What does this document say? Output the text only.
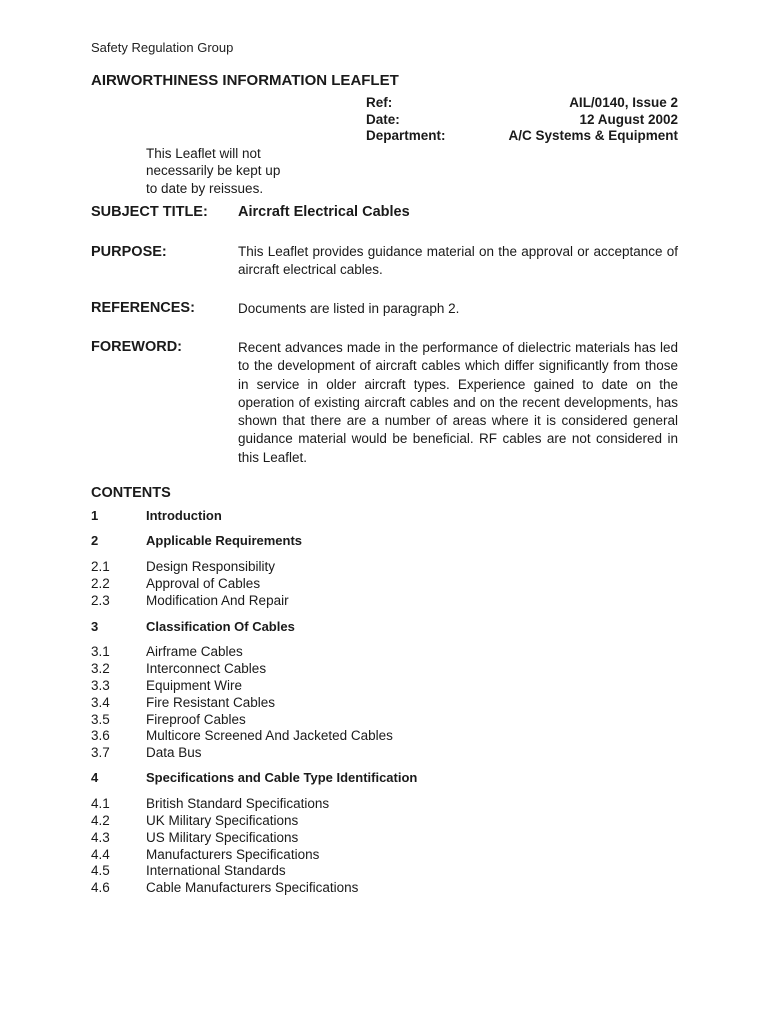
Safety Regulation Group
AIRWORTHINESS INFORMATION LEAFLET
Ref:	AIL/0140, Issue 2
Date:	12 August 2002
Department:	A/C Systems & Equipment
This Leaflet will not
necessarily be kept up
to date by reissues.
SUBJECT TITLE: Aircraft Electrical Cables
PURPOSE:	This Leaflet provides guidance material on the approval or acceptance of aircraft electrical cables.
REFERENCES:	Documents are listed in paragraph 2.
FOREWORD:	Recent advances made in the performance of dielectric materials has led to the development of aircraft cables which differ significantly from those in service in older aircraft types. Experience gained to date on the operation of existing aircraft cables and on the recent developments, has shown that there are a number of areas where it is considered general guidance material would be beneficial. RF cables are not considered in this Leaflet.
CONTENTS
1	Introduction
2	Applicable Requirements
2.1	Design Responsibility
2.2	Approval of Cables
2.3	Modification And Repair
3	Classification Of Cables
3.1	Airframe Cables
3.2	Interconnect Cables
3.3	Equipment Wire
3.4	Fire Resistant Cables
3.5	Fireproof Cables
3.6	Multicore Screened And Jacketed Cables
3.7	Data Bus
4	Specifications and Cable Type Identification
4.1	British Standard Specifications
4.2	UK Military Specifications
4.3	US Military Specifications
4.4	Manufacturers Specifications
4.5	International Standards
4.6	Cable Manufacturers Specifications
